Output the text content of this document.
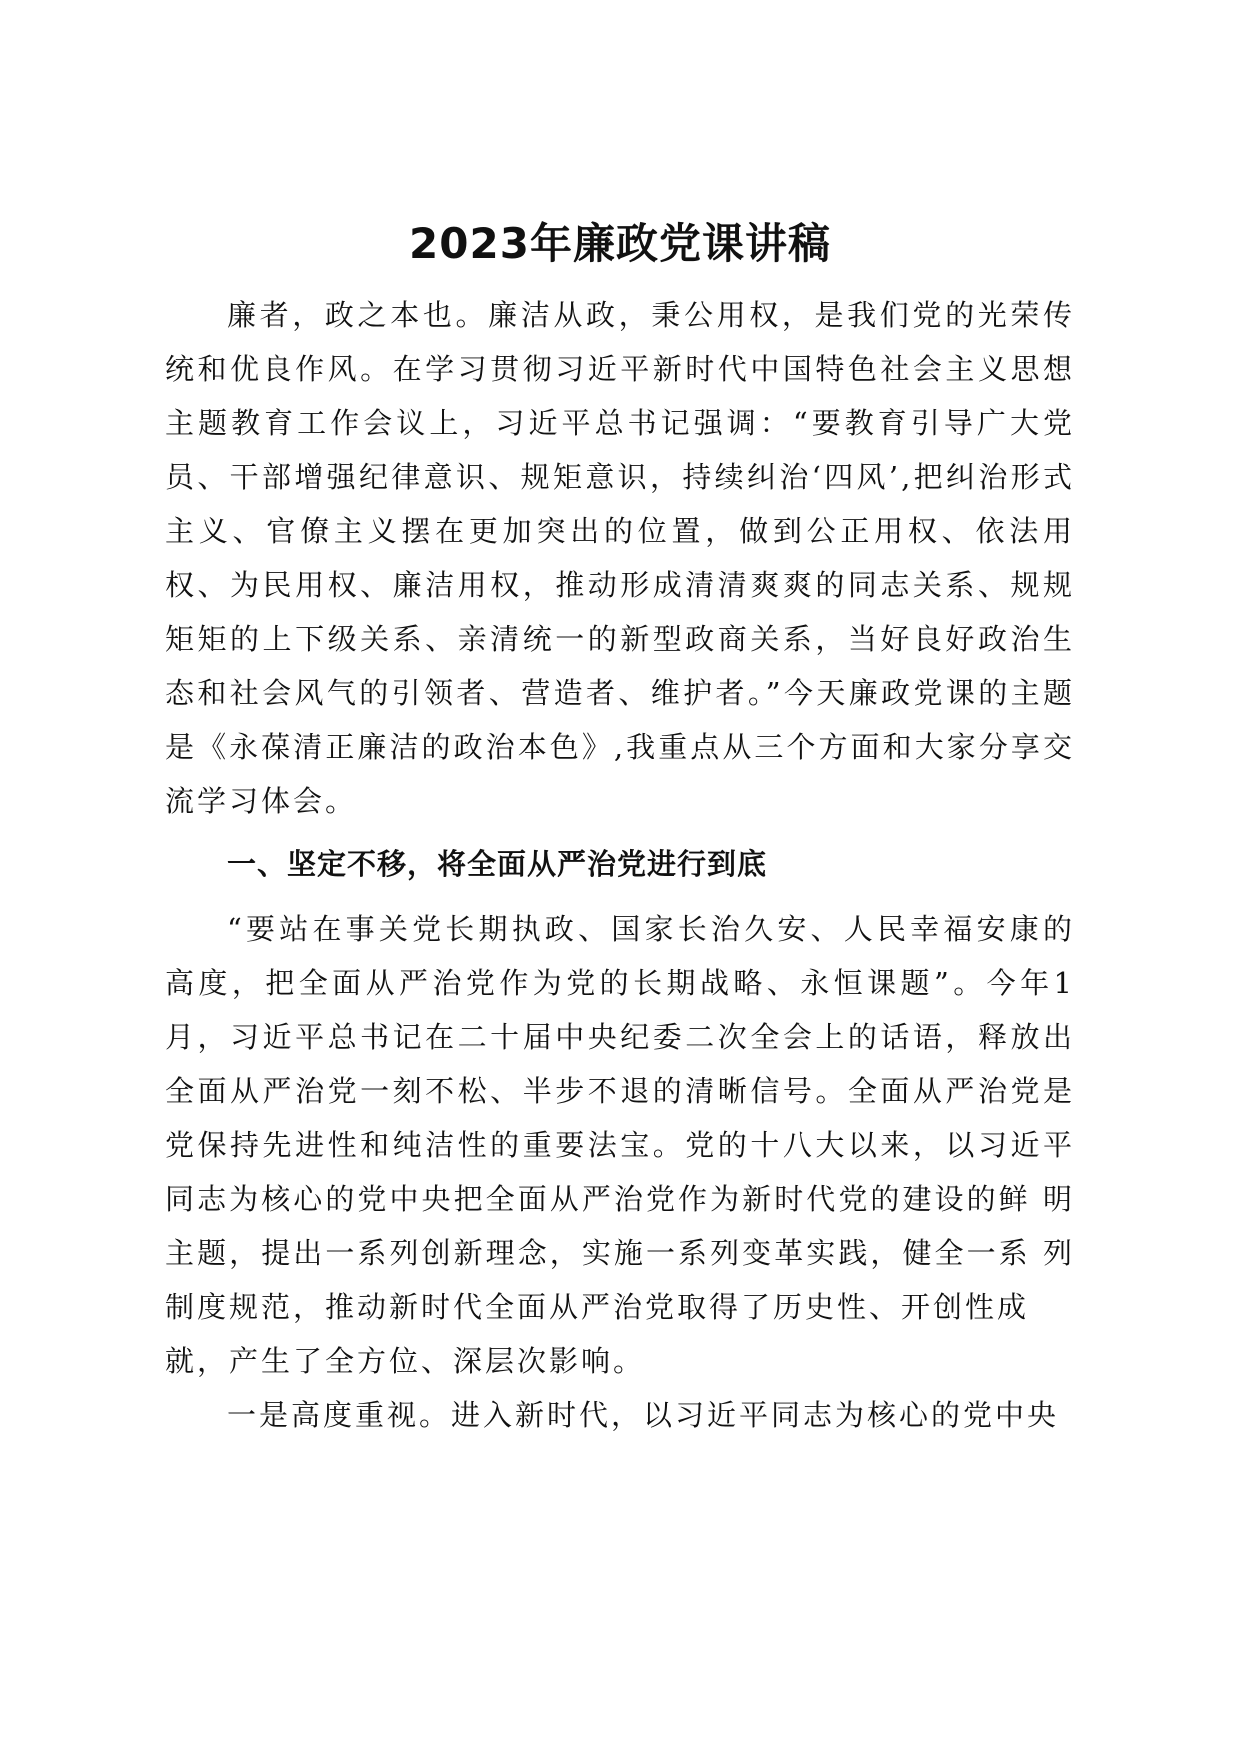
2023年廉政党课讲稿

廉者，政之本也。廉洁从政，秉公用权，是我们党的光荣传统和优良作风。在学习贯彻习近平新时代中国特色社会主义思想主题教育工作会议上，习近平总书记强调：“要教育引导广大党员、干部增强纪律意识、规矩意识，持续纠治‘四风’,把纠治形式主义、官僚主义摆在更加突出的位置，做到公正用权、依法用权、为民用权、廉洁用权，推动形成清清爽爽的同志关系、规规矩矩的上下级关系、亲清统一的新型政商关系，当好良好政治生态和社会风气的引领者、营造者、维护者。”今天廉政党课的主题是《永葆清正廉洁的政治本色》,我重点从三个方面和大家分享交流学习体会。

一、坚定不移，将全面从严治党进行到底

“要站在事关党长期执政、国家长治久安、人民幸福安康的高度，把全面从严治党作为党的长期战略、永恒课题”。今年1 月，习近平总书记在二十届中央纪委二次全会上的话语，释放出 全面从严治党一刻不松、半步不退的清晰信号。全面从严治党是 党保持先进性和纯洁性的重要法宝。党的十八大以来，以习近平 同志为核心的党中央把全面从严治党作为新时代党的建设的鲜 明主题，提出一系列创新理念，实施一系列变革实践，健全一系 列制度规范，推动新时代全面从严治党取得了历史性、开创性成

就，产生了全方位、深层次影响。

一是高度重视。进入新时代，以习近平同志为核心的党中央
